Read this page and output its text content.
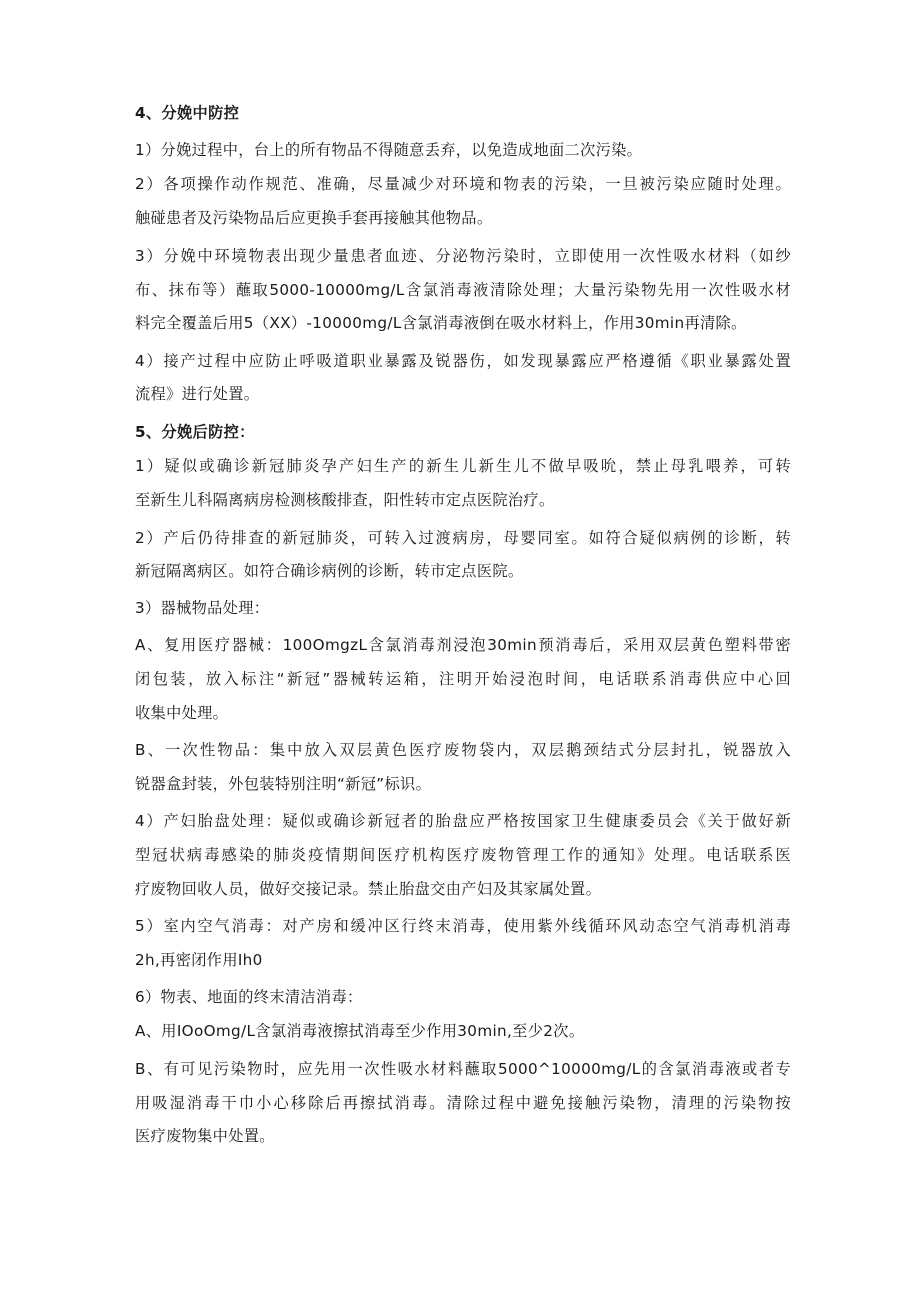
4、分娩中防控
1）分娩过程中，台上的所有物品不得随意丢弃，以免造成地面二次污染。
2）各项操作动作规范、准确，尽量减少对环境和物表的污染，一旦被污染应随时处理。
触碰患者及污染物品后应更换手套再接触其他物品。
3）分娩中环境物表出现少量患者血迹、分泌物污染时，立即使用一次性吸水材料（如纱
布、抹布等）蘸取5000-10000mg/L含氯消毒液清除处理；大量污染物先用一次性吸水材
料完全覆盖后用5（XX）-10000mg/L含氯消毒液倒在吸水材料上，作用30min再清除。
4）接产过程中应防止呼吸道职业暴露及锐器伤，如发现暴露应严格遵循《职业暴露处置
流程》进行处置。
5、分娩后防控：
1）疑似或确诊新冠肺炎孕产妇生产的新生儿新生儿不做早吸吮，禁止母乳喂养，可转
至新生儿科隔离病房检测核酸排查，阳性转市定点医院治疗。
2）产后仍待排查的新冠肺炎，可转入过渡病房，母婴同室。如符合疑似病例的诊断，转
新冠隔离病区。如符合确诊病例的诊断，转市定点医院。
3）器械物品处理：
A、复用医疗器械：100OmgzL含氯消毒剂浸泡30min预消毒后，采用双层黄色塑料带密
闭包装，放入标注“新冠”器械转运箱，注明开始浸泡时间，电话联系消毒供应中心回
收集中处理。
B、一次性物品：集中放入双层黄色医疗废物袋内，双层鹅颈结式分层封扎，锐器放入
锐器盒封装，外包装特别注明“新冠”标识。
4）产妇胎盘处理：疑似或确诊新冠者的胎盘应严格按国家卫生健康委员会《关于做好新
型冠状病毒感染的肺炎疫情期间医疗机构医疗废物管理工作的通知》处理。电话联系医
疗废物回收人员，做好交接记录。禁止胎盘交由产妇及其家属处置。
5）室内空气消毒：对产房和缓冲区行终末消毒，使用紫外线循环风动态空气消毒机消毒
2h,再密闭作用Ih0
6）物表、地面的终末清洁消毒：
A、用IOoOmg/L含氯消毒液擦拭消毒至少作用30min,至少2次。
B、有可见污染物时，应先用一次性吸水材料蘸取5000^10000mg/L的含氯消毒液或者专
用吸湿消毒干巾小心移除后再擦拭消毒。清除过程中避免接触污染物，清理的污染物按
医疗废物集中处置。
